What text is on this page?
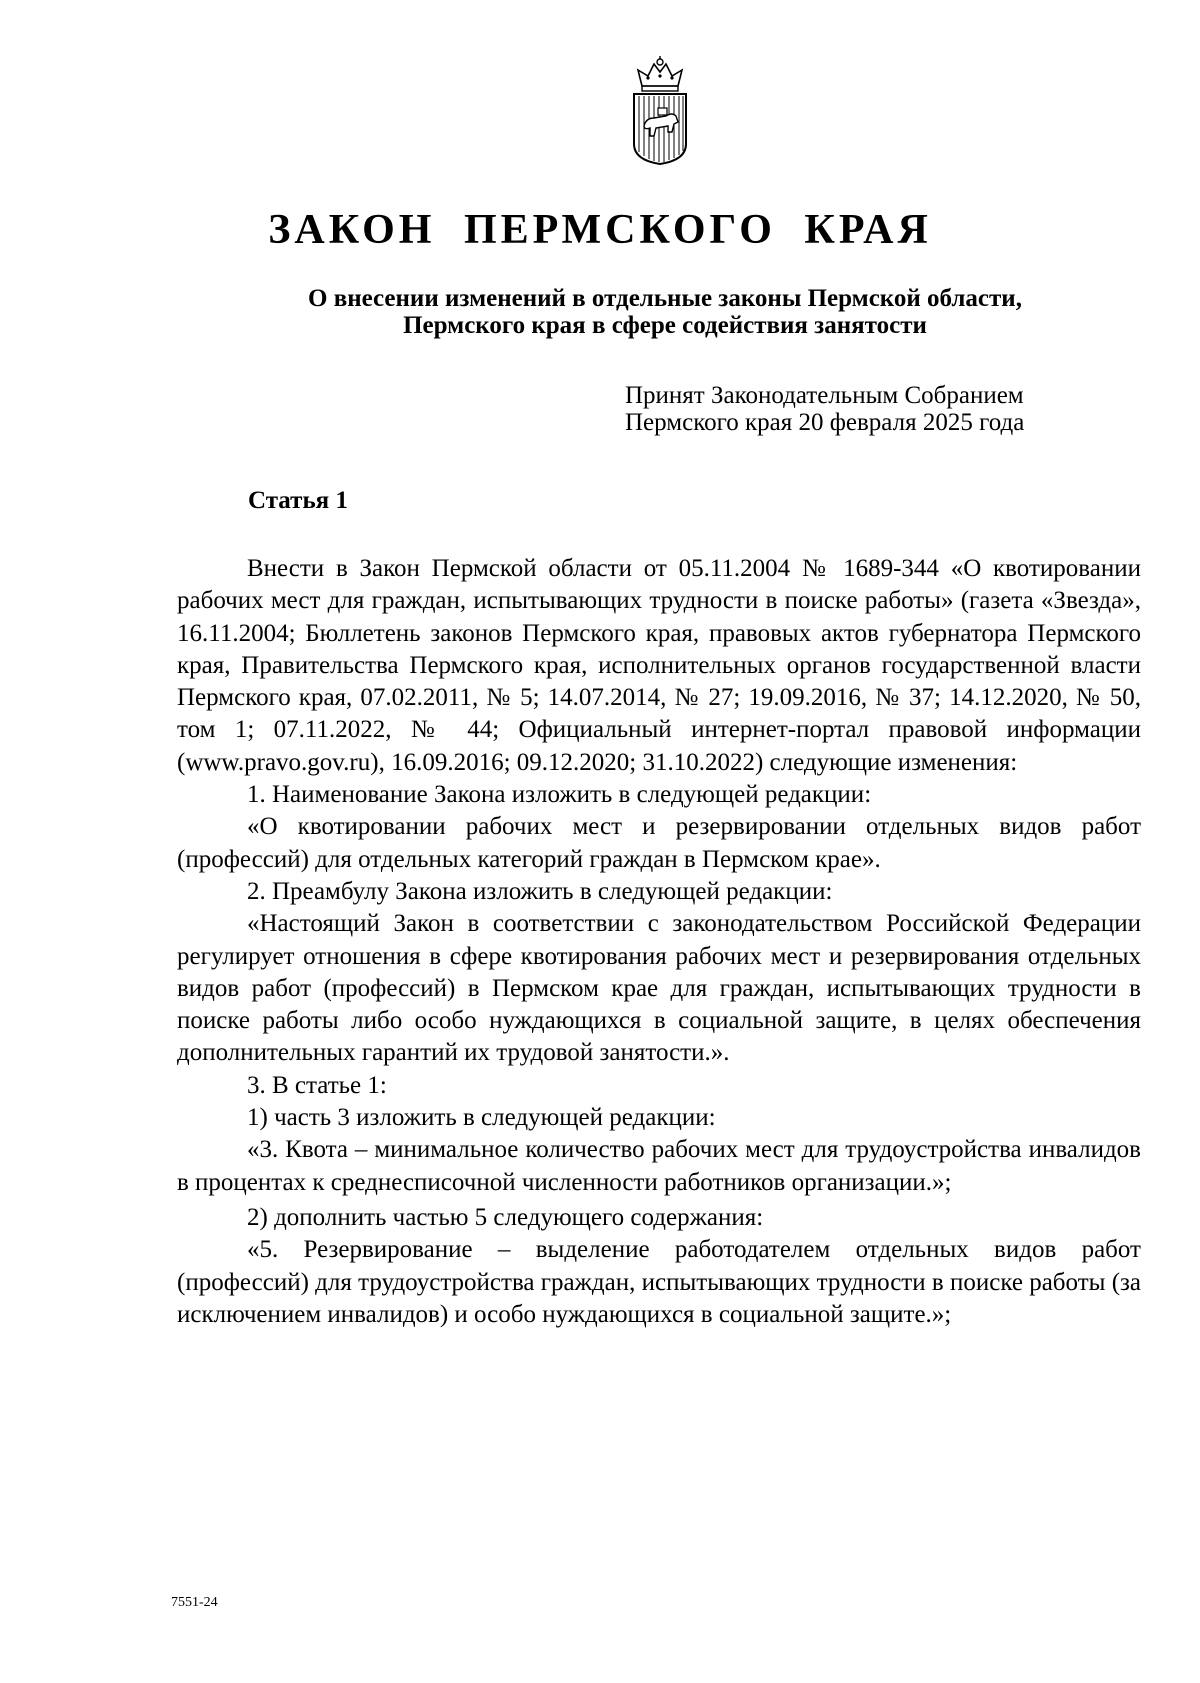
ЗАКОН ПЕРМСКОГО КРАЯ
О внесении изменений в отдельные законы Пермской области,
Пермского края в сфере содействия занятости
Принят Законодательным Собранием
Пермского края 20 февраля 2025 года
Статья 1

Внести в Закон Пермской области от 05.11.2004 № 1689-344 «О квотировании рабочих мест для граждан, испытывающих трудности в поиске работы» (газета «Звезда», 16.11.2004; Бюллетень законов Пермского края, правовых актов губернатора Пермского края, Правительства Пермского края, исполнительных органов государственной власти Пермского края, 07.02.2011, № 5; 14.07.2014, № 27; 19.09.2016, № 37; 14.12.2020, № 50, том 1; 07.11.2022, № 44; Официальный интернет-портал правовой информации (www.pravo.gov.ru), 16.09.2016; 09.12.2020; 31.10.2022) следующие изменения:

1. Наименование Закона изложить в следующей редакции:

«О квотировании рабочих мест и резервировании отдельных видов работ (профессий) для отдельных категорий граждан в Пермском крае».

2. Преамбулу Закона изложить в следующей редакции:

«Настоящий Закон в соответствии с законодательством Российской Федерации регулирует отношения в сфере квотирования рабочих мест и резервирования отдельных видов работ (профессий) в Пермском крае для граждан, испытывающих трудности в поиске работы либо особо нуждающихся в социальной защите, в целях обеспечения дополнительных гарантий их трудовой занятости.».

3. В статье 1:

1) часть 3 изложить в следующей редакции:

«3. Квота – минимальное количество рабочих мест для трудоустройства инвалидов в процентах к среднесписочной численности работников организации.»;

2) дополнить частью 5 следующего содержания:

«5. Резервирование – выделение работодателем отдельных видов работ (профессий) для трудоустройства граждан, испытывающих трудности в поиске работы (за исключением инвалидов) и особо нуждающихся в социальной защите.»;

7551-24
